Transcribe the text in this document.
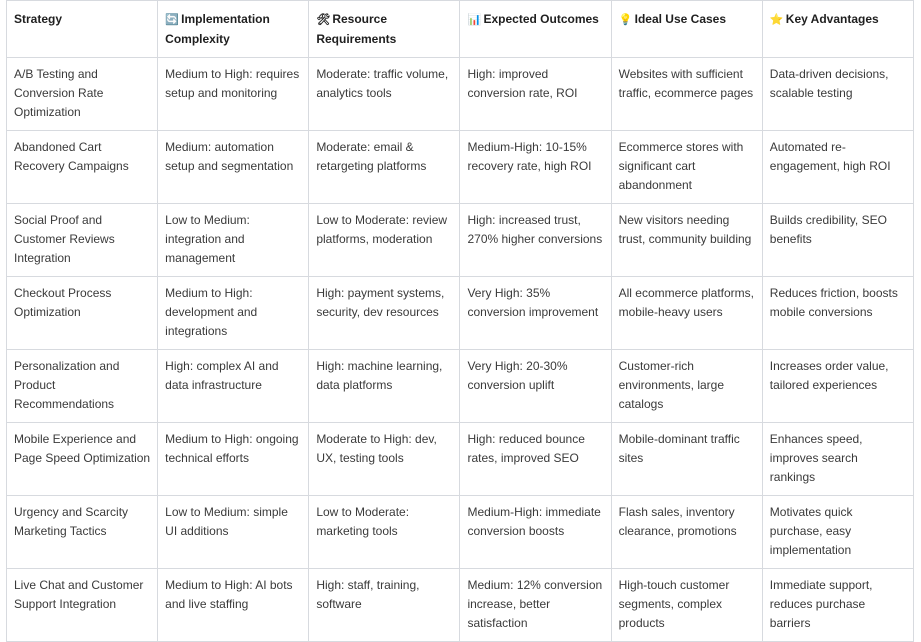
Strategy	🔄 Implementation Complexity	🛠 Resource Requirements	📊 Expected Outcomes	💡 Ideal Use Cases	⭐ Key Advantages
A/B Testing and Conversion Rate Optimization	Medium to High: requires setup and monitoring	Moderate: traffic volume, analytics tools	High: improved conversion rate, ROI	Websites with sufficient traffic, ecommerce pages	Data-driven decisions, scalable testing
Abandoned Cart Recovery Campaigns	Medium: automation setup and segmentation	Moderate: email & retargeting platforms	Medium-High: 10-15% recovery rate, high ROI	Ecommerce stores with significant cart abandonment	Automated re-engagement, high ROI
Social Proof and Customer Reviews Integration	Low to Medium: integration and management	Low to Moderate: review platforms, moderation	High: increased trust, 270% higher conversions	New visitors needing trust, community building	Builds credibility, SEO benefits
Checkout Process Optimization	Medium to High: development and integrations	High: payment systems, security, dev resources	Very High: 35% conversion improvement	All ecommerce platforms, mobile-heavy users	Reduces friction, boosts mobile conversions
Personalization and Product Recommendations	High: complex AI and data infrastructure	High: machine learning, data platforms	Very High: 20-30% conversion uplift	Customer-rich environments, large catalogs	Increases order value, tailored experiences
Mobile Experience and Page Speed Optimization	Medium to High: ongoing technical efforts	Moderate to High: dev, UX, testing tools	High: reduced bounce rates, improved SEO	Mobile-dominant traffic sites	Enhances speed, improves search rankings
Urgency and Scarcity Marketing Tactics	Low to Medium: simple UI additions	Low to Moderate: marketing tools	Medium-High: immediate conversion boosts	Flash sales, inventory clearance, promotions	Motivates quick purchase, easy implementation
Live Chat and Customer Support Integration	Medium to High: AI bots and live staffing	High: staff, training, software	Medium: 12% conversion increase, better satisfaction	High-touch customer segments, complex products	Immediate support, reduces purchase barriers
